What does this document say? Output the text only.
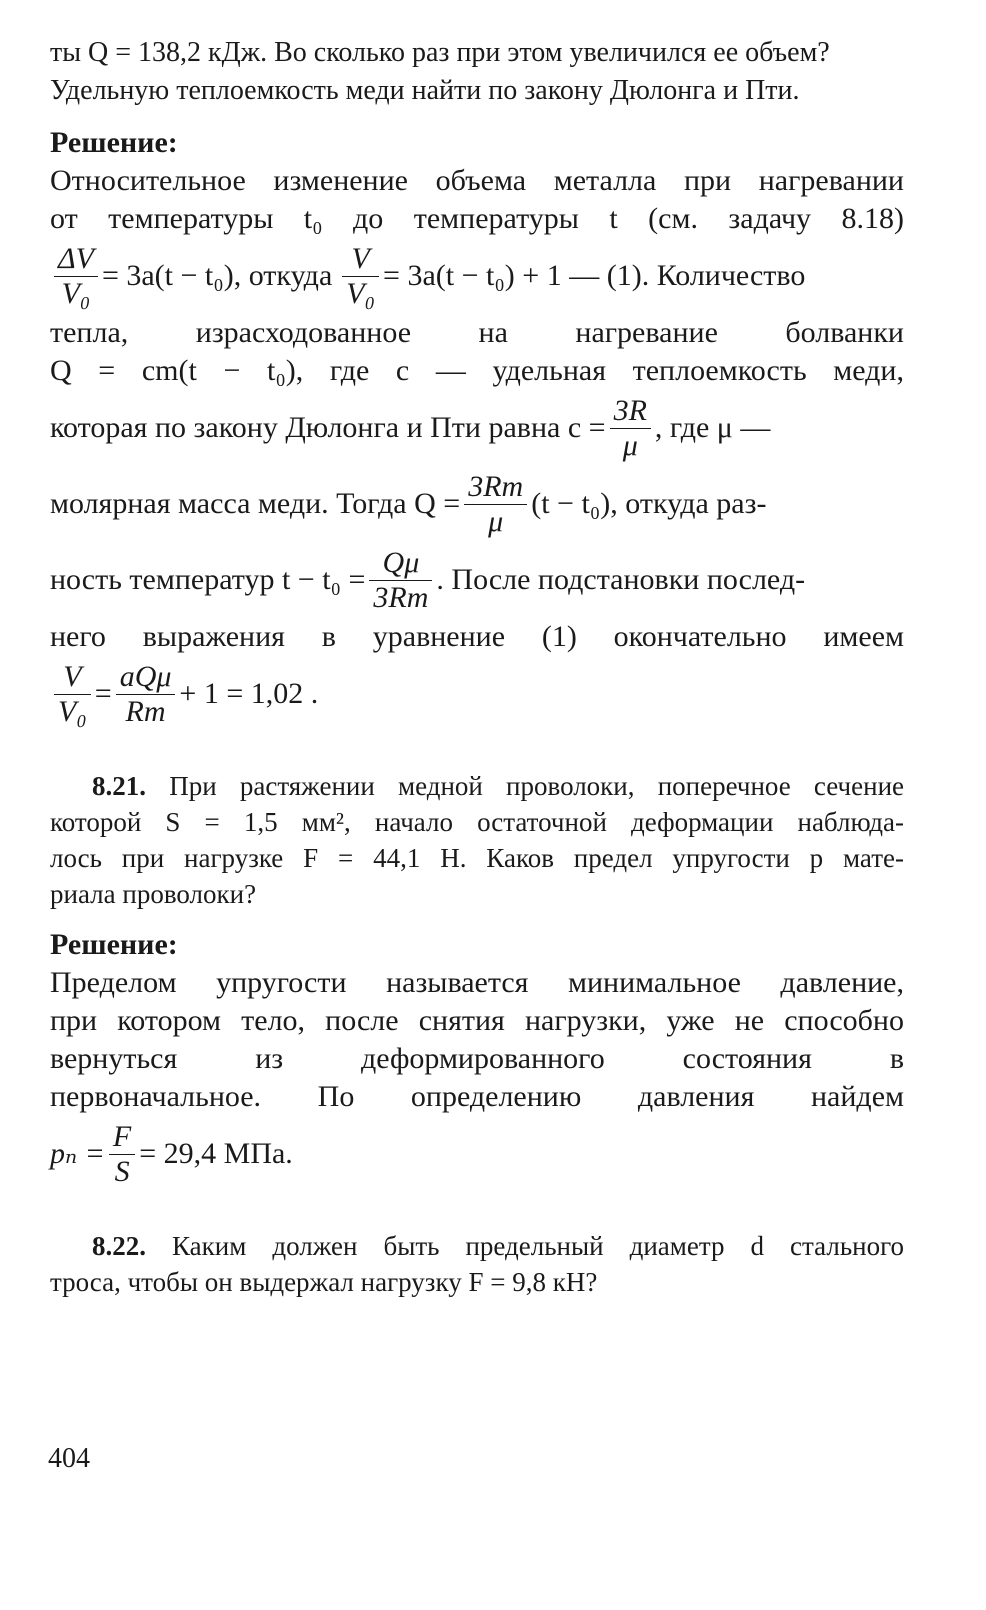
ты Q = 138,2 кДж. Во сколько раз при этом увеличился ее объем?
Удельную теплоемкость меди найти по закону Дюлонга и Пти.
Решение:
Относительное изменение объема металла при нагревании
от температуры t₀ до температуры t (см. задачу 8.18)
$\frac{\Delta V}{\text{V₀}} = 3a(t - t_0)$, откуда $\frac{V}{\text{V₀}} = 3a(t - t_0) + 1$ — (1). Количество
тепла, израсходованное на нагревание болванки
Q = cm(t − t₀), где c — удельная теплоемкость меди,
которая по закону Дюлонга и Пти равна $c = \frac{3R}{\mu}$ , где μ —
молярная масса меди. Тогда $Q = \frac{3Rm}{\mu} (t - t_0)$, откуда раз-
ность температур $t - t_0 = \frac{Q\mu}{3Rm}$ . После подстановки послед-
него выражения в уравнение (1) окончательно имеем
$\frac{V}{\text{V₀}} = \frac{\text{aQμ}}{Rm} + 1 = 1,02$ .
8.21. При растяжении медной проволоки, поперечное сечение
которой S = 1,5 мм², начало остаточной деформации наблюда-
лось при нагрузке F = 44,1 Н. Каков предел упругости p мате-
риала проволоки?
Решение:
Пределом упругости называется минимальное давление,
при котором тело, после снятия нагрузки, уже не способно
вернуться из деформированного состояния в
первоначальное. По определению давления найдем
$p_n = \frac{F}{S} = 29,4$ МПа.
8.22. Каким должен быть предельный диаметр d стального
троса, чтобы он выдержал нагрузку F = 9,8 кН?
404
